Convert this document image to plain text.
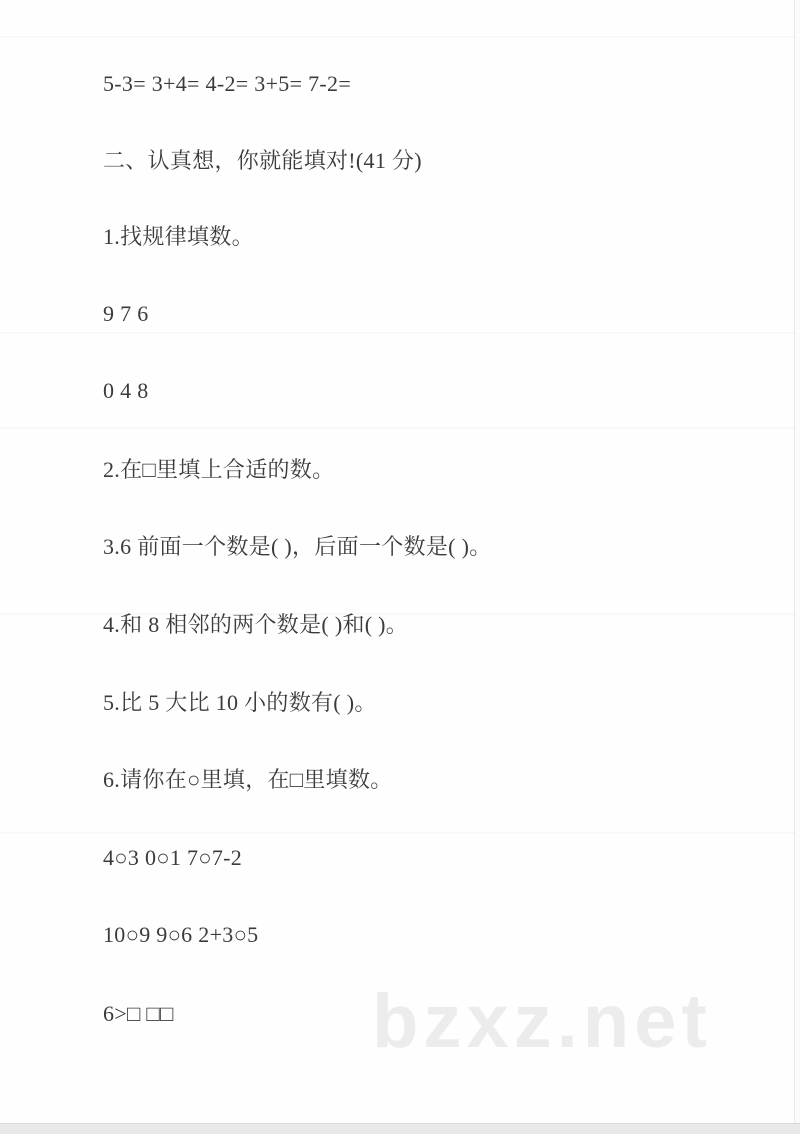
bzxz.net
5-3= 3+4= 4-2= 3+5= 7-2=
二、认真想，你就能填对!(41 分)
1.找规律填数。
9 7 6
0 4 8
2.在□里填上合适的数。
3.6 前面一个数是( )，后面一个数是( )。
4.和 8 相邻的两个数是( )和( )。
5.比 5 大比 10 小的数有( )。
6.请你在○里填，在□里填数。
4○3 0○1 7○7-2
10○9 9○6 2+3○5
6>□ □□
